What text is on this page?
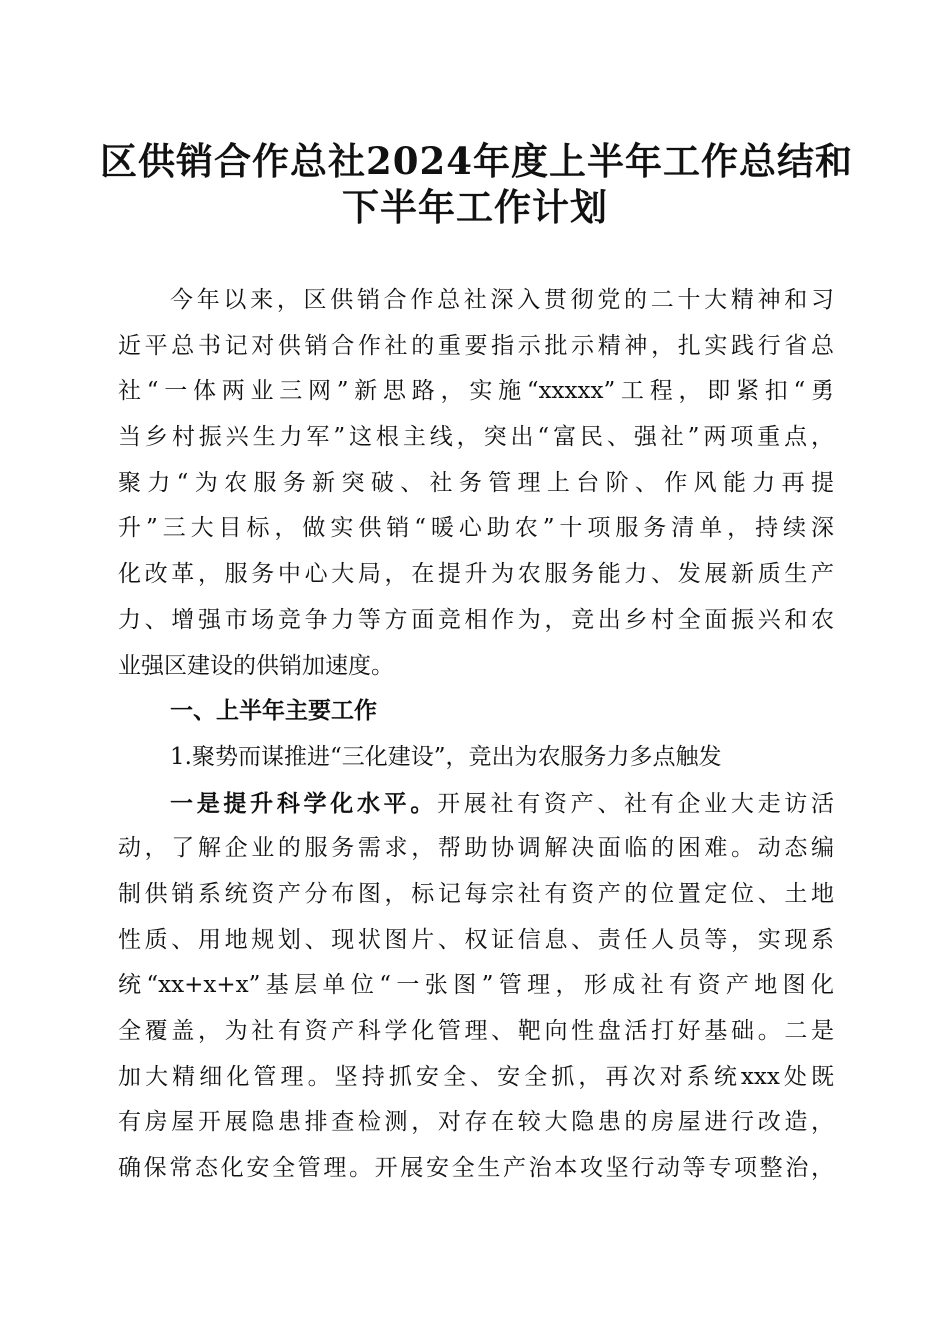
区供销合作总社2024年度上半年工作总结和
下半年工作计划
今年以来，区供销合作总社深入贯彻党的二十大精神和习
近平总书记对供销合作社的重要指示批示精神，扎实践行省总
社“一体两业三网”新思路，实施“xxxxx”工程，即紧扣“勇
当乡村振兴生力军”这根主线，突出“富民、强社”两项重点，
聚力“为农服务新突破、社务管理上台阶、作风能力再提
升”三大目标，做实供销“暖心助农”十项服务清单，持续深
化改革，服务中心大局，在提升为农服务能力、发展新质生产
力、增强市场竞争力等方面竞相作为，竞出乡村全面振兴和农
业强区建设的供销加速度。
一、上半年主要工作
1.聚势而谋推进“三化建设”，竞出为农服务力多点触发
一是提升科学化水平。开展社有资产、社有企业大走访活
动，了解企业的服务需求，帮助协调解决面临的困难。动态编
制供销系统资产分布图，标记每宗社有资产的位置定位、土地
性质、用地规划、现状图片、权证信息、责任人员等，实现系
统“xx+x+x”基层单位“一张图”管理，形成社有资产地图化
全覆盖，为社有资产科学化管理、靶向性盘活打好基础。二是
加大精细化管理。坚持抓安全、安全抓，再次对系统xxx处既
有房屋开展隐患排查检测，对存在较大隐患的房屋进行改造，
确保常态化安全管理。开展安全生产治本攻坚行动等专项整治，
